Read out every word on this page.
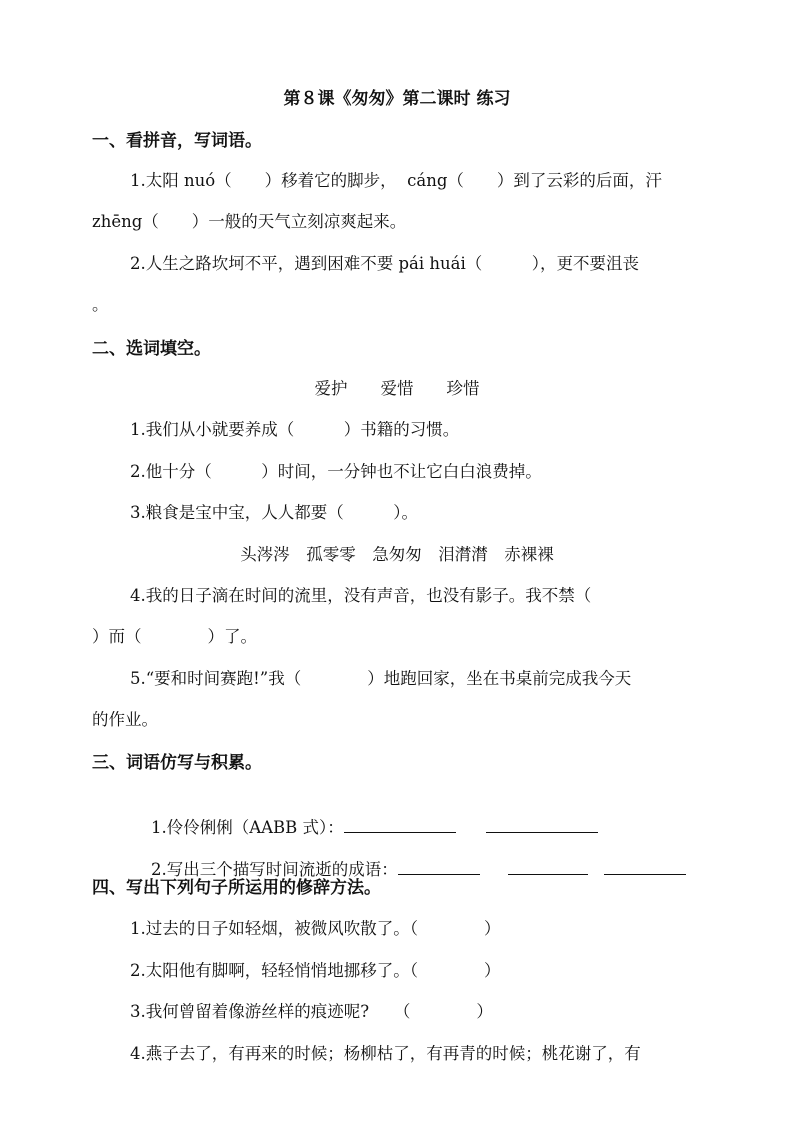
第８课《匆匆》第二课时 练习
一、看拼音，写词语。
1.太阳 nuó（　　）移着它的脚步，  cáng（　　）到了云彩的后面，汗
zhēng（　　）一般的天气立刻凉爽起来。
2.人生之路坎坷不平，遇到困难不要 pái huái（　　　），更不要沮丧
。
二、选词填空。
爱护　　爱惜　　珍惜
1.我们从小就要养成（　　　）书籍的习惯。
2.他十分（　　　）时间，一分钟也不让它白白浪费掉。
3.粮食是宝中宝，人人都要（　　　）。
头涔涔　孤零零　急匆匆　泪潸潸　赤裸裸
4.我的日子滴在时间的流里，没有声音，也没有影子。我不禁（
）而（　　　　）了。
5.“要和时间赛跑!”我（　　　　）地跑回家，坐在书桌前完成我今天
的作业。
三、词语仿写与积累。

1.伶伶俐俐（AABB 式）：

2.写出三个描写时间流逝的成语：

四、写出下列句子所运用的修辞方法。
1.过去的日子如轻烟，被微风吹散了。（　　　　）
2.太阳他有脚啊，轻轻悄悄地挪移了。（　　　　）
3.我何曾留着像游丝样的痕迹呢?　　（　　　　）
4.燕子去了，有再来的时候；杨柳枯了，有再青的时候；桃花谢了，有
